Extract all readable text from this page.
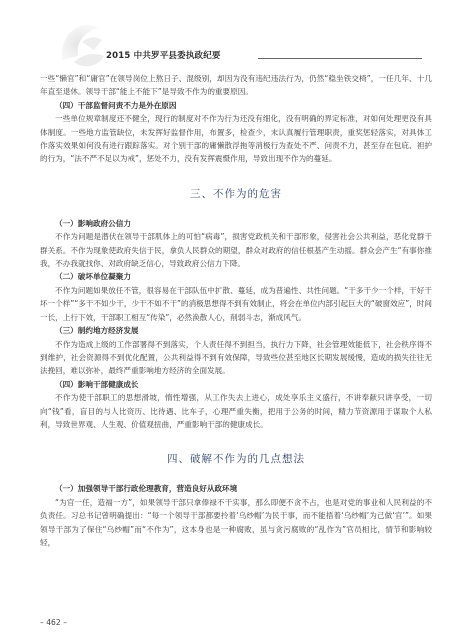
2015 中共罗平县委执政纪要

一些“懒官”和“庸官”在领导岗位上熬日子、混级别，却因为没有违纪违法行为，仍然“稳坐铁交椅”，一任几年、十几年直至退休。领导干部“能上不能下”是导致不作为的重要原因。

（四）干部监督问责不力是外在原因

一些单位规章制度还不健全，现行的制度对不作为行为还没有细化，没有明确的界定标准，对如何处理更没有具体制度。一些地方监管缺位，未发挥好监督作用，布置多，检查少，末认真履行管理职责，重奖惩轻落实，对具体工作落实效果如何没有进行跟踪落实。对个别干部的庸懒散浮拖等消极行为查处不严、问责不力，甚至存在包庇、袒护的行为，“法不严不足以为戒”，惩处不力，没有发挥震慑作用，导致出现不作为的蔓延。

三、不作为的危害
（一）影响政府公信力

不作为问题是潜伏在领导干部肌体上的可怕“病毒”，损害党政机关和干部形象，侵害社会公共利益，恶化党群干群关系。不作为现象使政府失信于民，拿负人民群众的期望，群众对政府的信任根基产生动摇。群众会产生“有事你推我，不办我就找你、对政府缺乏信心，导致政府公信力下降。

（二）破坏单位凝聚力

不作为问题如果放任不管，很容易在干部队伍中扩散、蔓延，成为普遍性、共性问题。“干多干少一个样，干好干坏一个样”“多干不如少干，少干不如不干”的消极思想得不到有效制止，将会在单位内部引起巨大的“破窗效应”，时间一长，上行下效，干部职工相互“传染”，必然涣散人心，削弱斗志，渐成风气。

（三）制约地方经济发展

不作为造成上级的工作部署得不到落实，个人责任得不到担当，执行力下降，社会管理效能低下，社会秩序得不到维护，社会资源得不到优化配置，公共利益得不到有效保障，导致些位甚至地区长期发展缓慢，造成的损失往往无法挽回，难以弥补，最终严重影响地方经济的全面发展。

（四）影响干部健康成长

不作为使干部职工的思想滑坡，惰性增强，从工作失去上进心，成处享乐主义盛行，不讲奉献只讲享受，一切向“钱”看，盲目的与人比资历、比待遇、比车子，心理严重失衡，把用于公务的时间，精力节资源用于谋取个人私利，导致世界观、人生观、价值观扭曲，严重影响干部的健康成长。

四、破解不作为的几点想法
（一）加强领导干部行政伦理教育，营造良好从政环境

“为官一任，造福一方”，如果领导干部只拿俸禄不干实事，那么即便不贪不占，也是对党的事业和人民利益的不负责任。习总书记曾明确提出：“每一个领导干部都要拎着‘乌纱帽’为民干事，而不能捂着‘乌纱帽’为己做‘官’”。如果领导干部为了保住“乌纱帽”而“不作为”，这本身也是一种腐败，虽与贪污腐败的“乱作为”官员相比，情节和影响较轻，

– 462 –
